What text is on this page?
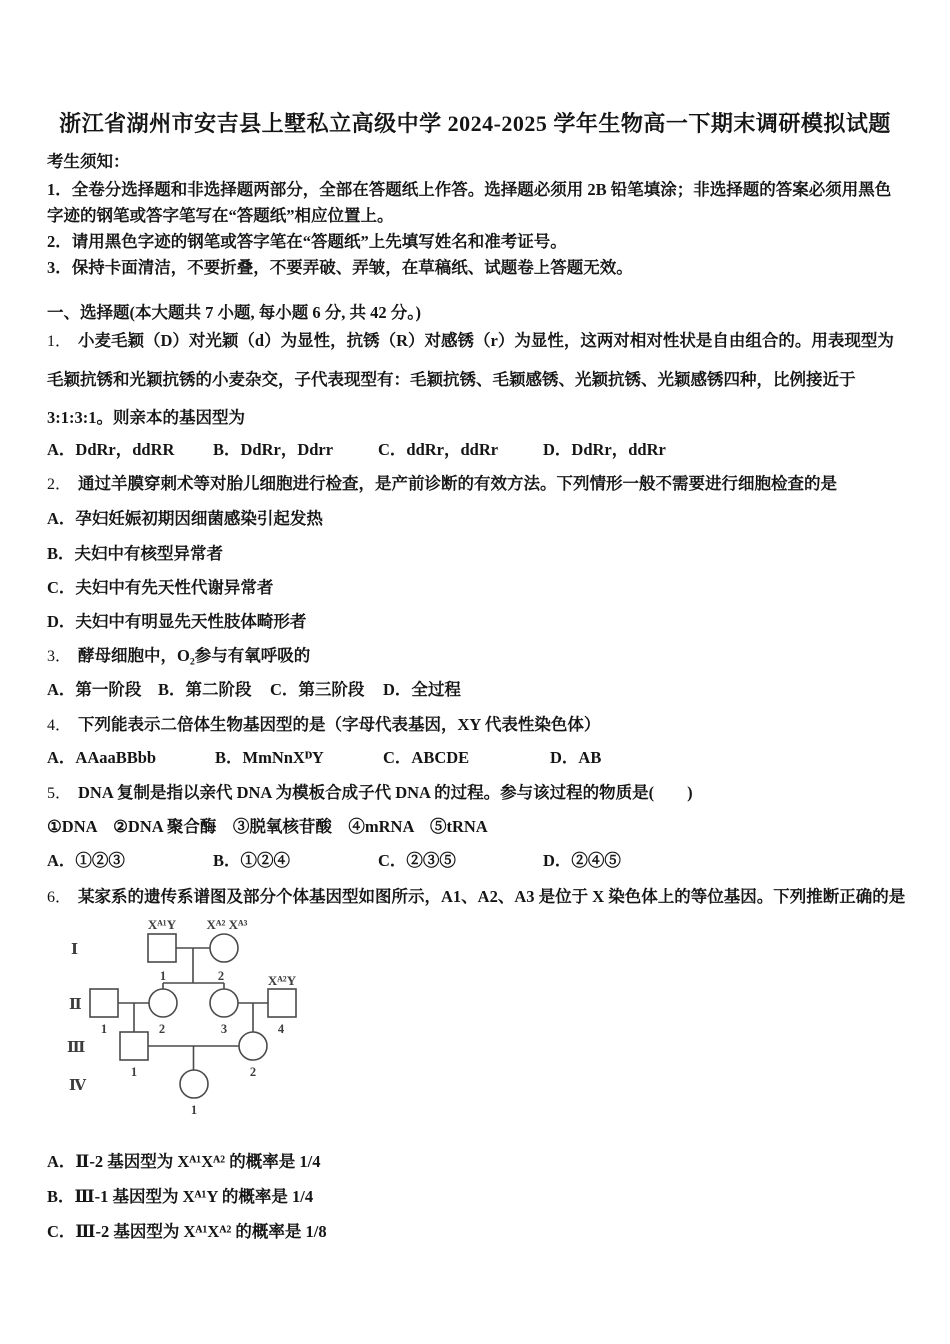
浙江省湖州市安吉县上墅私立高级中学 2024-2025 学年生物高一下期末调研模拟试题
考生须知：
1．全卷分选择题和非选择题两部分，全部在答题纸上作答。选择题必须用 2B 铅笔填涂；非选择题的答案必须用黑色
字迹的钢笔或答字笔写在“答题纸”相应位置上。
2．请用黑色字迹的钢笔或答字笔在“答题纸”上先填写姓名和准考证号。
3．保持卡面清洁，不要折叠，不要弄破、弄皱，在草稿纸、试题卷上答题无效。
一、选择题(本大题共 7 小题, 每小题 6 分, 共 42 分。)
1． 小麦毛颖（D）对光颖（d）为显性，抗锈（R）对感锈（r）为显性，这两对相对性状是自由组合的。用表现型为
毛颖抗锈和光颖抗锈的小麦杂交，子代表现型有：毛颖抗锈、毛颖感锈、光颖抗锈、光颖感锈四种，比例接近于
3:1:3:1。则亲本的基因型为
A．DdRr，ddRR B．DdRr，Ddrr	C．ddRr，ddRr	D．DdRr，ddRr
2． 通过羊膜穿刺术等对胎儿细胞进行检查，是产前诊断的有效方法。下列情形一般不需要进行细胞检查的是
A．孕妇妊娠初期因细菌感染引起发热
B．夫妇中有核型异常者
C．夫妇中有先天性代谢异常者
D．夫妇中有明显先天性肢体畸形者
3． 酵母细胞中，O₂参与有氧呼吸的
A．第一阶段 B．第二阶段 C．第三阶段 D．全过程
4． 下列能表示二倍体生物基因型的是（字母代表基因，XY 代表性染色体）
A．AAaaBBbb	B．MmNnXᴰY	C．ABCDE	D．AB
5． DNA 复制是指以亲代 DNA 为模板合成子代 DNA 的过程。参与该过程的物质是(　　)
①DNA　②DNA 聚合酶　③脱氧核苷酸　④mRNA　⑤tRNA
A．①②③	B．①②④	C．②③⑤	D．②④⑤
6． 某家系的遗传系谱图及部分个体基因型如图所示，A1、A2、A3 是位于 X 染色体上的等位基因。下列推断正确的是
Ⅰ
Ⅱ
Ⅲ
Ⅳ
Xᴬ¹Y Xᴬ² Xᴬ³
Xᴬ²Y
1	2
1	2	3	4
1	2
1
A．Ⅱ-2 基因型为 Xᴬ¹Xᴬ² 的概率是 1/4
B．Ⅲ-1 基因型为 Xᴬ¹Y 的概率是 1/4
C．Ⅲ-2 基因型为 Xᴬ¹Xᴬ² 的概率是 1/8
